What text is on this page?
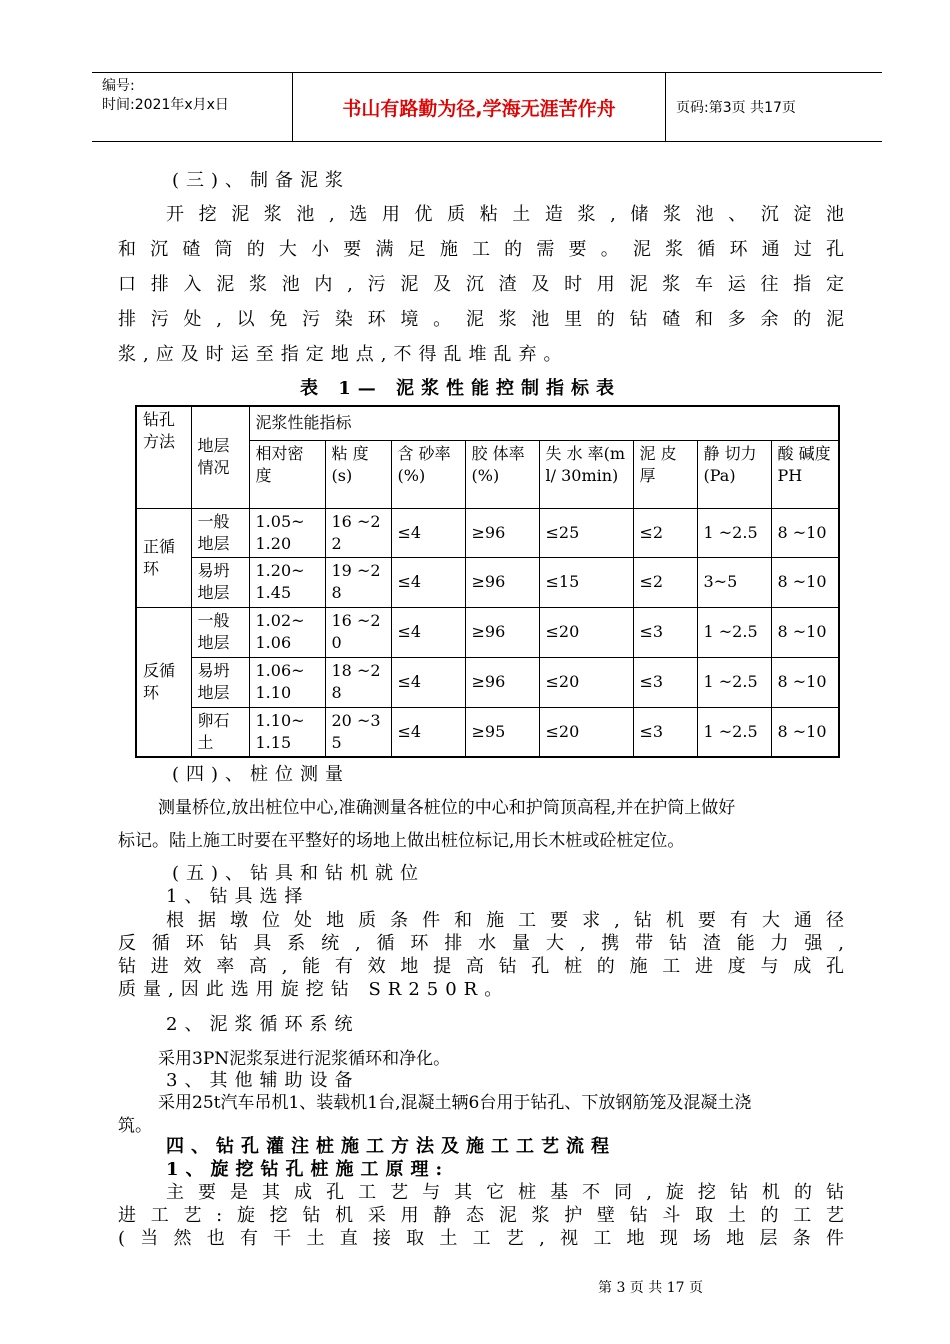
编号:
时间:2021年x月x日	书山有路勤为径,学海无涯苦作舟	页码:第3页 共17页
(三)、制备泥浆
开挖泥浆池,选用优质粘土造浆,储浆池、沉淀池
和沉碴筒的大小要满足施工的需要。泥浆循环通过孔
口排入泥浆池内,污泥及沉渣及时用泥浆车运往指定
排污处,以免污染环境。泥浆池里的钻碴和多余的泥
浆,应及时运至指定地点,不得乱堆乱弃。
表 1— 泥浆性能控制指标表
钻孔方法	地层情况	泥浆性能指标							
		相对密度	粘 度(s)	含 砂率(%)	胶 体率(%)	失 水 率(ml/ 30min)	泥 皮厚	静 切力(Pa)	酸 碱度PH
正循环	一般地层	1.05~1.20	16 ~22	≤4	≥96	≤25	≤2	1 ~2.5	8 ~10
	易坍地层	1.20~1.45	19 ~28	≤4	≥96	≤15	≤2	3~5	8 ~10
反循环	一般地层	1.02~1.06	16 ~20	≤4	≥96	≤20	≤3	1 ~2.5	8 ~10
	易坍地层	1.06~1.10	18 ~28	≤4	≥96	≤20	≤3	1 ~2.5	8 ~10
	卵石土	1.10~1.15	20 ~35	≤4	≥95	≤20	≤3	1 ~2.5	8 ~10
(四)、桩位测量
测量桥位,放出桩位中心,准确测量各桩位的中心和护筒顶高程,并在护筒上做好
标记。陆上施工时要在平整好的场地上做出桩位标记,用长木桩或砼桩定位。
(五)、钻具和钻机就位
1、钻具选择
根据墩位处地质条件和施工要求,钻机要有大通径
反循环钻具系统,循环排水量大,携带钻渣能力强,
钻进效率高,能有效地提高钻孔桩的施工进度与成孔
质量,因此选用旋挖钻 SR250R。
2、泥浆循环系统
采用3PN泥浆泵进行泥浆循环和净化。
3、其他辅助设备
采用25t汽车吊机1、装载机1台,混凝土辆6台用于钻孔、下放钢筋笼及混凝土浇
筑。
四、钻孔灌注桩施工方法及施工工艺流程
1、旋挖钻孔桩施工原理:
主要是其成孔工艺与其它桩基不同,旋挖钻机的钻
进工艺:旋挖钻机采用静态泥浆护壁钻斗取土的工艺
(当然也有干土直接取土工艺,视工地现场地层条件
第 3 页 共 17 页
